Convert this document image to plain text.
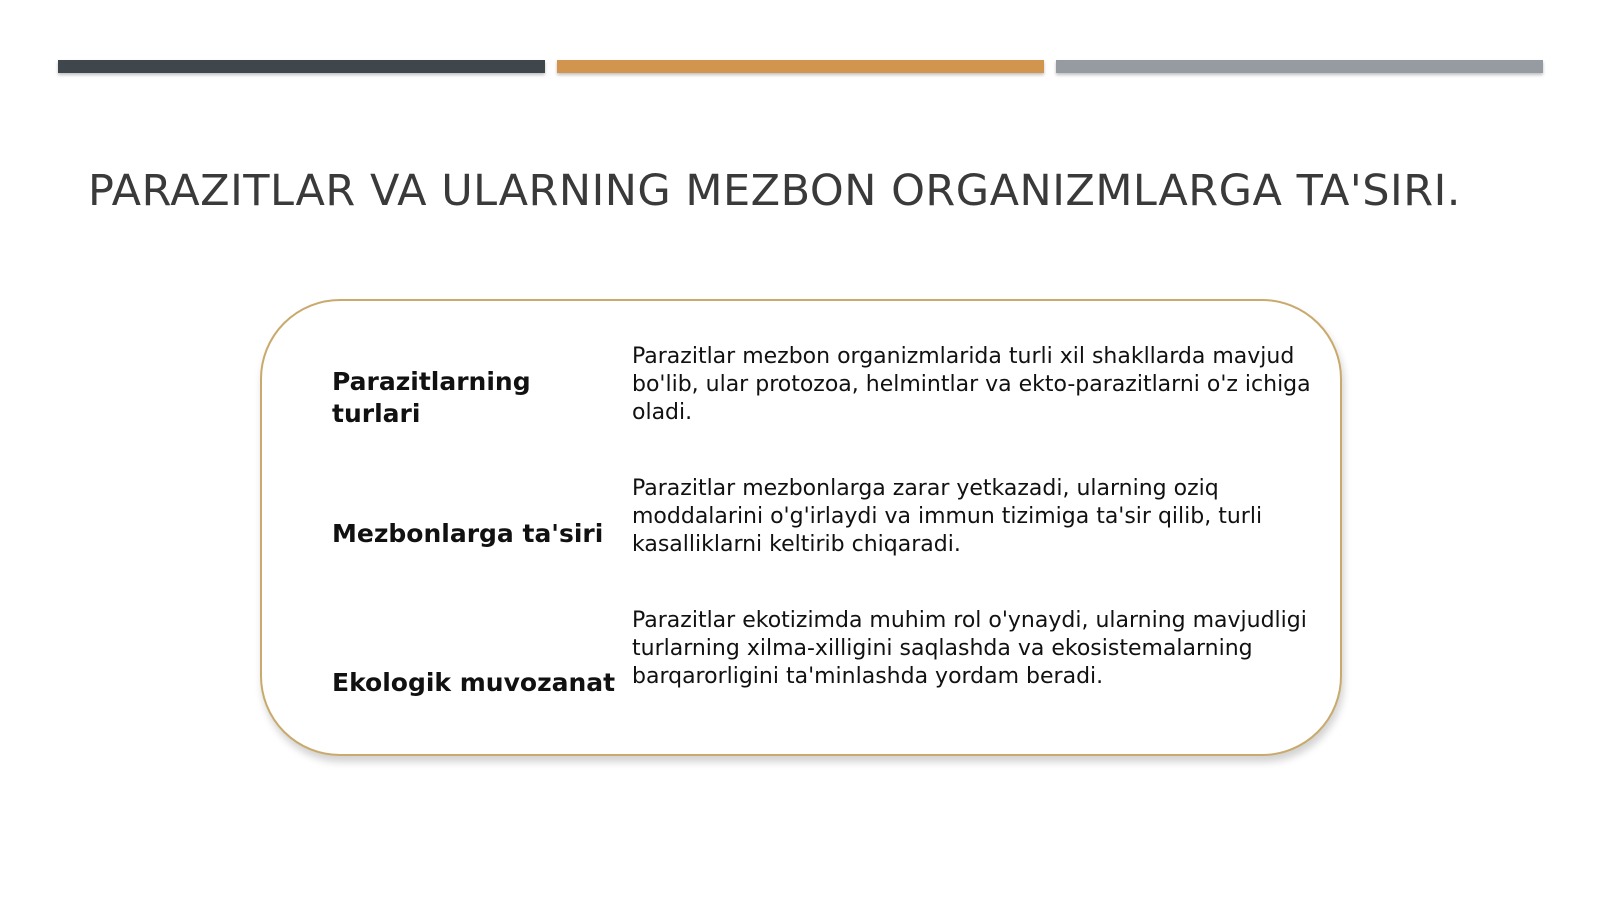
PARAZITLAR VA ULARNING MEZBON ORGANIZMLARGA TA'SIRI.
Parazitlarning turlari
Parazitlar mezbon organizmlarida turli xil shakllarda mavjud bo'lib, ular protozoa, helmintlar va ekto-parazitlarni o'z ichiga oladi.
Mezbonlarga ta'siri
Parazitlar mezbonlarga zarar yetkazadi, ularning oziq moddalarini o'g'irlaydi va immun tizimiga ta'sir qilib, turli kasalliklarni keltirib chiqaradi.
Ekologik muvozanat
Parazitlar ekotizimda muhim rol o'ynaydi, ularning mavjudligi turlarning xilma-xilligini saqlashda va ekosistemalarning barqarorligini ta'minlashda yordam beradi.
